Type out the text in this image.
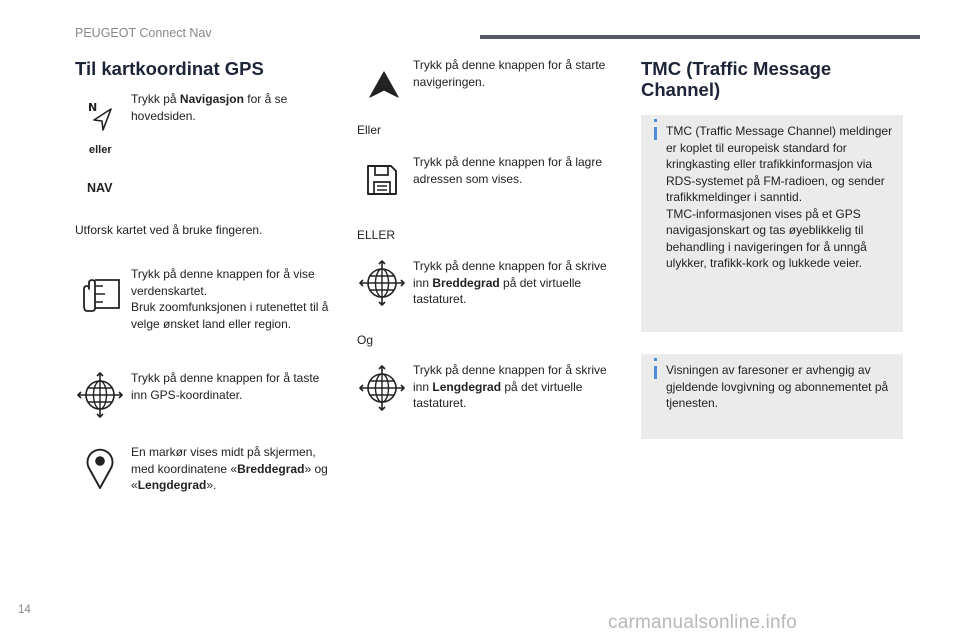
PEUGEOT Connect Nav
Til kartkoordinat GPS
N
Trykk på Navigasjon for å se hovedsiden.
eller
NAV
Utforsk kartet ved å bruke fingeren.
Trykk på denne knappen for å vise verdenskartet.
Bruk zoomfunksjonen i rutenettet til å velge ønsket land eller region.
Trykk på denne knappen for å taste inn GPS-koordinater.
En markør vises midt på skjermen, med koordinatene «Breddegrad» og «Lengdegrad».
Trykk på denne knappen for å starte navigeringen.
Eller
Trykk på denne knappen for å lagre adressen som vises.
ELLER
Trykk på denne knappen for å skrive inn Breddegrad på det virtuelle tastaturet.
Og
Trykk på denne knappen for å skrive inn Lengdegrad på det virtuelle tastaturet.
TMC (Traffic Message
Channel)
TMC (Traffic Message Channel) meldinger er koplet til europeisk standard for kringkasting eller trafikkinformasjon via RDS-systemet på FM-radioen, og sender trafikkmeldinger i sanntid.
TMC-informasjonen vises på et GPS navigasjonskart og tas øyeblikkelig til behandling i navigeringen for å unngå ulykker, trafikk-kork og lukkede veier.
Visningen av faresoner er avhengig av gjeldende lovgivning og abonnementet på tjenesten.
14
carmanualsonline.info
